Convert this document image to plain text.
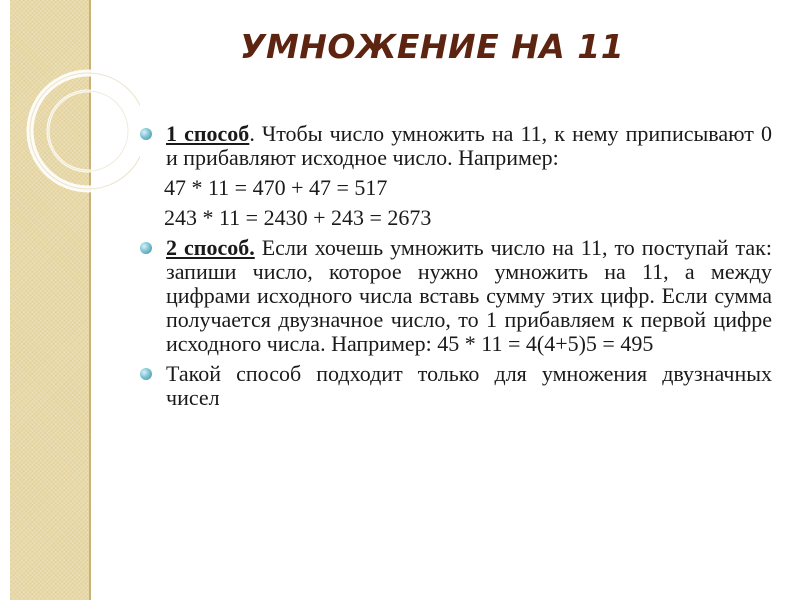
УМНОЖЕНИЕ НА 11

1 способ. Чтобы число умножить на 11, к нему приписывают 0 и прибавляют исходное число. Например:

47 * 11 = 470 + 47 = 517
243 * 11 = 2430 + 243 = 2673

2 способ. Если хочешь умножить число на 11, то поступай так: запиши число, которое нужно умножить на 11, а между цифрами исходного числа вставь сумму этих цифр. Если сумма получается двузначное число, то 1 прибавляем к первой цифре исходного числа. Например: 45 * 11 = 4(4+5)5 = 495

Такой способ подходит только для умножения двузначных чисел
